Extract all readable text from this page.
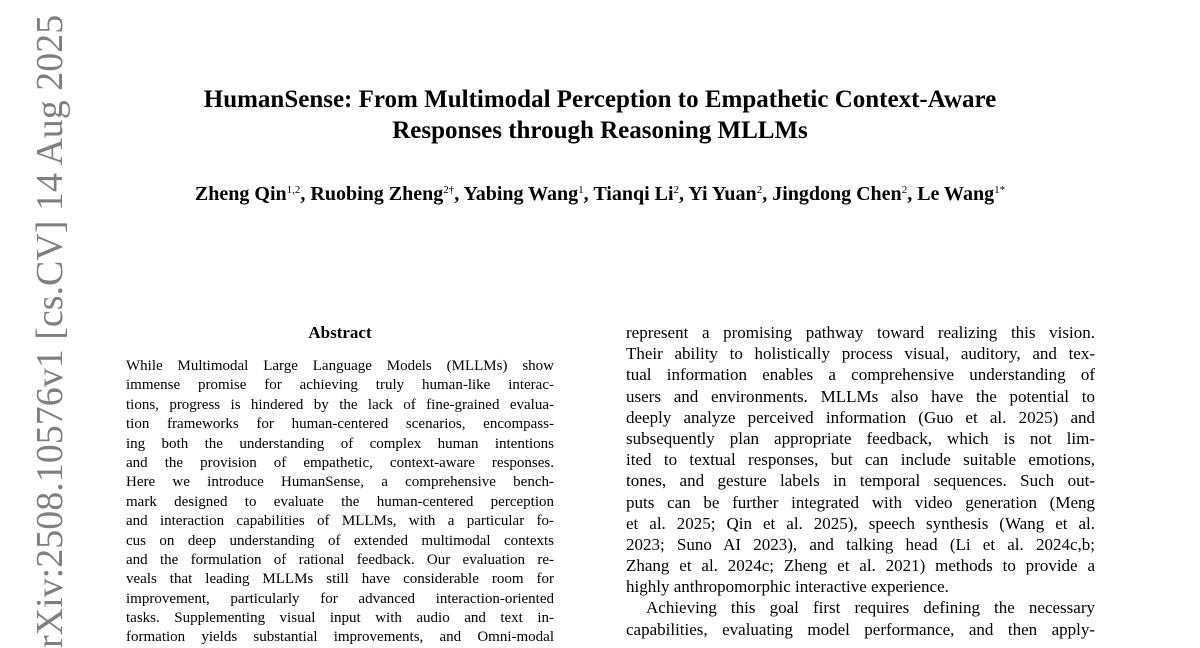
rXiv:2508.10576v1 [cs.CV] 14 Aug 2025	HumanSense: From Multimodal Perception to Empathetic Context-Aware
Responses through Reasoning MLLMs
Zheng Qin$^{1,2}$, Ruobing Zheng$^{2\dagger}$, Yabing Wang$^1$, Tianqi Li$^2$, Yi Yuan$^2$, Jingdong Chen$^2$, Le Wang$^{1*}$
Abstract
While Multimodal Large Language Models (MLLMs) show
immense promise for achieving truly human-like interac-
tions, progress is hindered by the lack of fine-grained evalua-
tion frameworks for human-centered scenarios, encompass-
ing both the understanding of complex human intentions
and the provision of empathetic, context-aware responses.
Here we introduce HumanSense, a comprehensive bench-
mark designed to evaluate the human-centered perception
and interaction capabilities of MLLMs, with a particular fo-
cus on deep understanding of extended multimodal contexts
and the formulation of rational feedback. Our evaluation re-
veals that leading MLLMs still have considerable room for
improvement, particularly for advanced interaction-oriented
tasks. Supplementing visual input with audio and text in-
formation yields substantial improvements, and Omni-modal
represent a promising pathway toward realizing this vision.
Their ability to holistically process visual, auditory, and tex-
tual information enables a comprehensive understanding of
users and environments. MLLMs also have the potential to
deeply analyze perceived information (Guo et al. 2025) and
subsequently plan appropriate feedback, which is not lim-
ited to textual responses, but can include suitable emotions,
tones, and gesture labels in temporal sequences. Such out-
puts can be further integrated with video generation (Meng
et al. 2025; Qin et al. 2025), speech synthesis (Wang et al.
2023; Suno AI 2023), and talking head (Li et al. 2024c,b;
Zhang et al. 2024c; Zheng et al. 2021) methods to provide a
highly anthropomorphic interactive experience.
Achieving this goal first requires defining the necessary
capabilities, evaluating model performance, and then apply-
